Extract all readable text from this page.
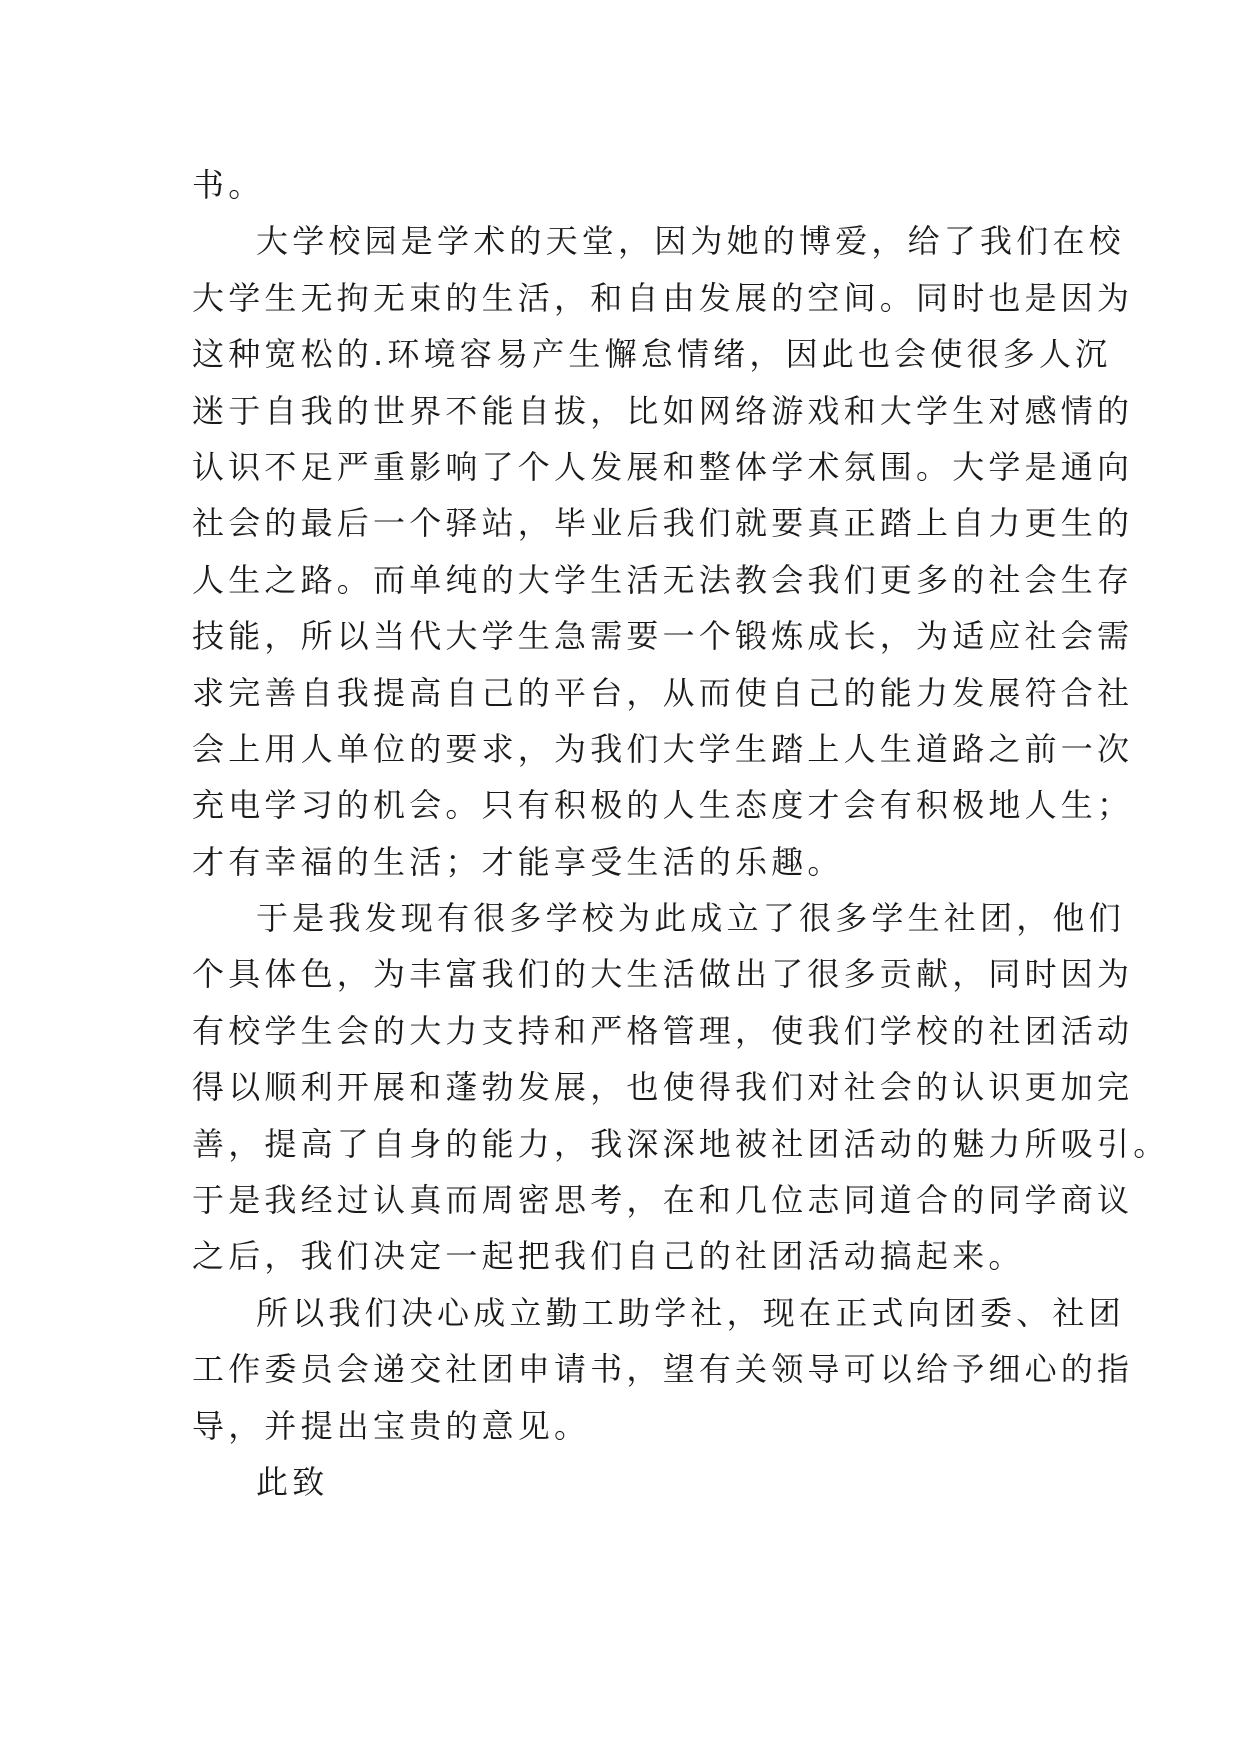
书。
大学校园是学术的天堂，因为她的博爱，给了我们在校
大学生无拘无束的生活，和自由发展的空间。同时也是因为
这种宽松的.环境容易产生懈怠情绪，因此也会使很多人沉
迷于自我的世界不能自拔，比如网络游戏和大学生对感情的
认识不足严重影响了个人发展和整体学术氛围。大学是通向
社会的最后一个驿站，毕业后我们就要真正踏上自力更生的
人生之路。而单纯的大学生活无法教会我们更多的社会生存
技能，所以当代大学生急需要一个锻炼成长，为适应社会需
求完善自我提高自己的平台，从而使自己的能力发展符合社
会上用人单位的要求，为我们大学生踏上人生道路之前一次
充电学习的机会。只有积极的人生态度才会有积极地人生；
才有幸福的生活；才能享受生活的乐趣。
于是我发现有很多学校为此成立了很多学生社团，他们
个具体色，为丰富我们的大生活做出了很多贡献，同时因为
有校学生会的大力支持和严格管理，使我们学校的社团活动
得以顺利开展和蓬勃发展，也使得我们对社会的认识更加完
善，提高了自身的能力，我深深地被社团活动的魅力所吸引。
于是我经过认真而周密思考，在和几位志同道合的同学商议
之后，我们决定一起把我们自己的社团活动搞起来。
所以我们决心成立勤工助学社，现在正式向团委、社团
工作委员会递交社团申请书，望有关领导可以给予细心的指
导，并提出宝贵的意见。
此致
